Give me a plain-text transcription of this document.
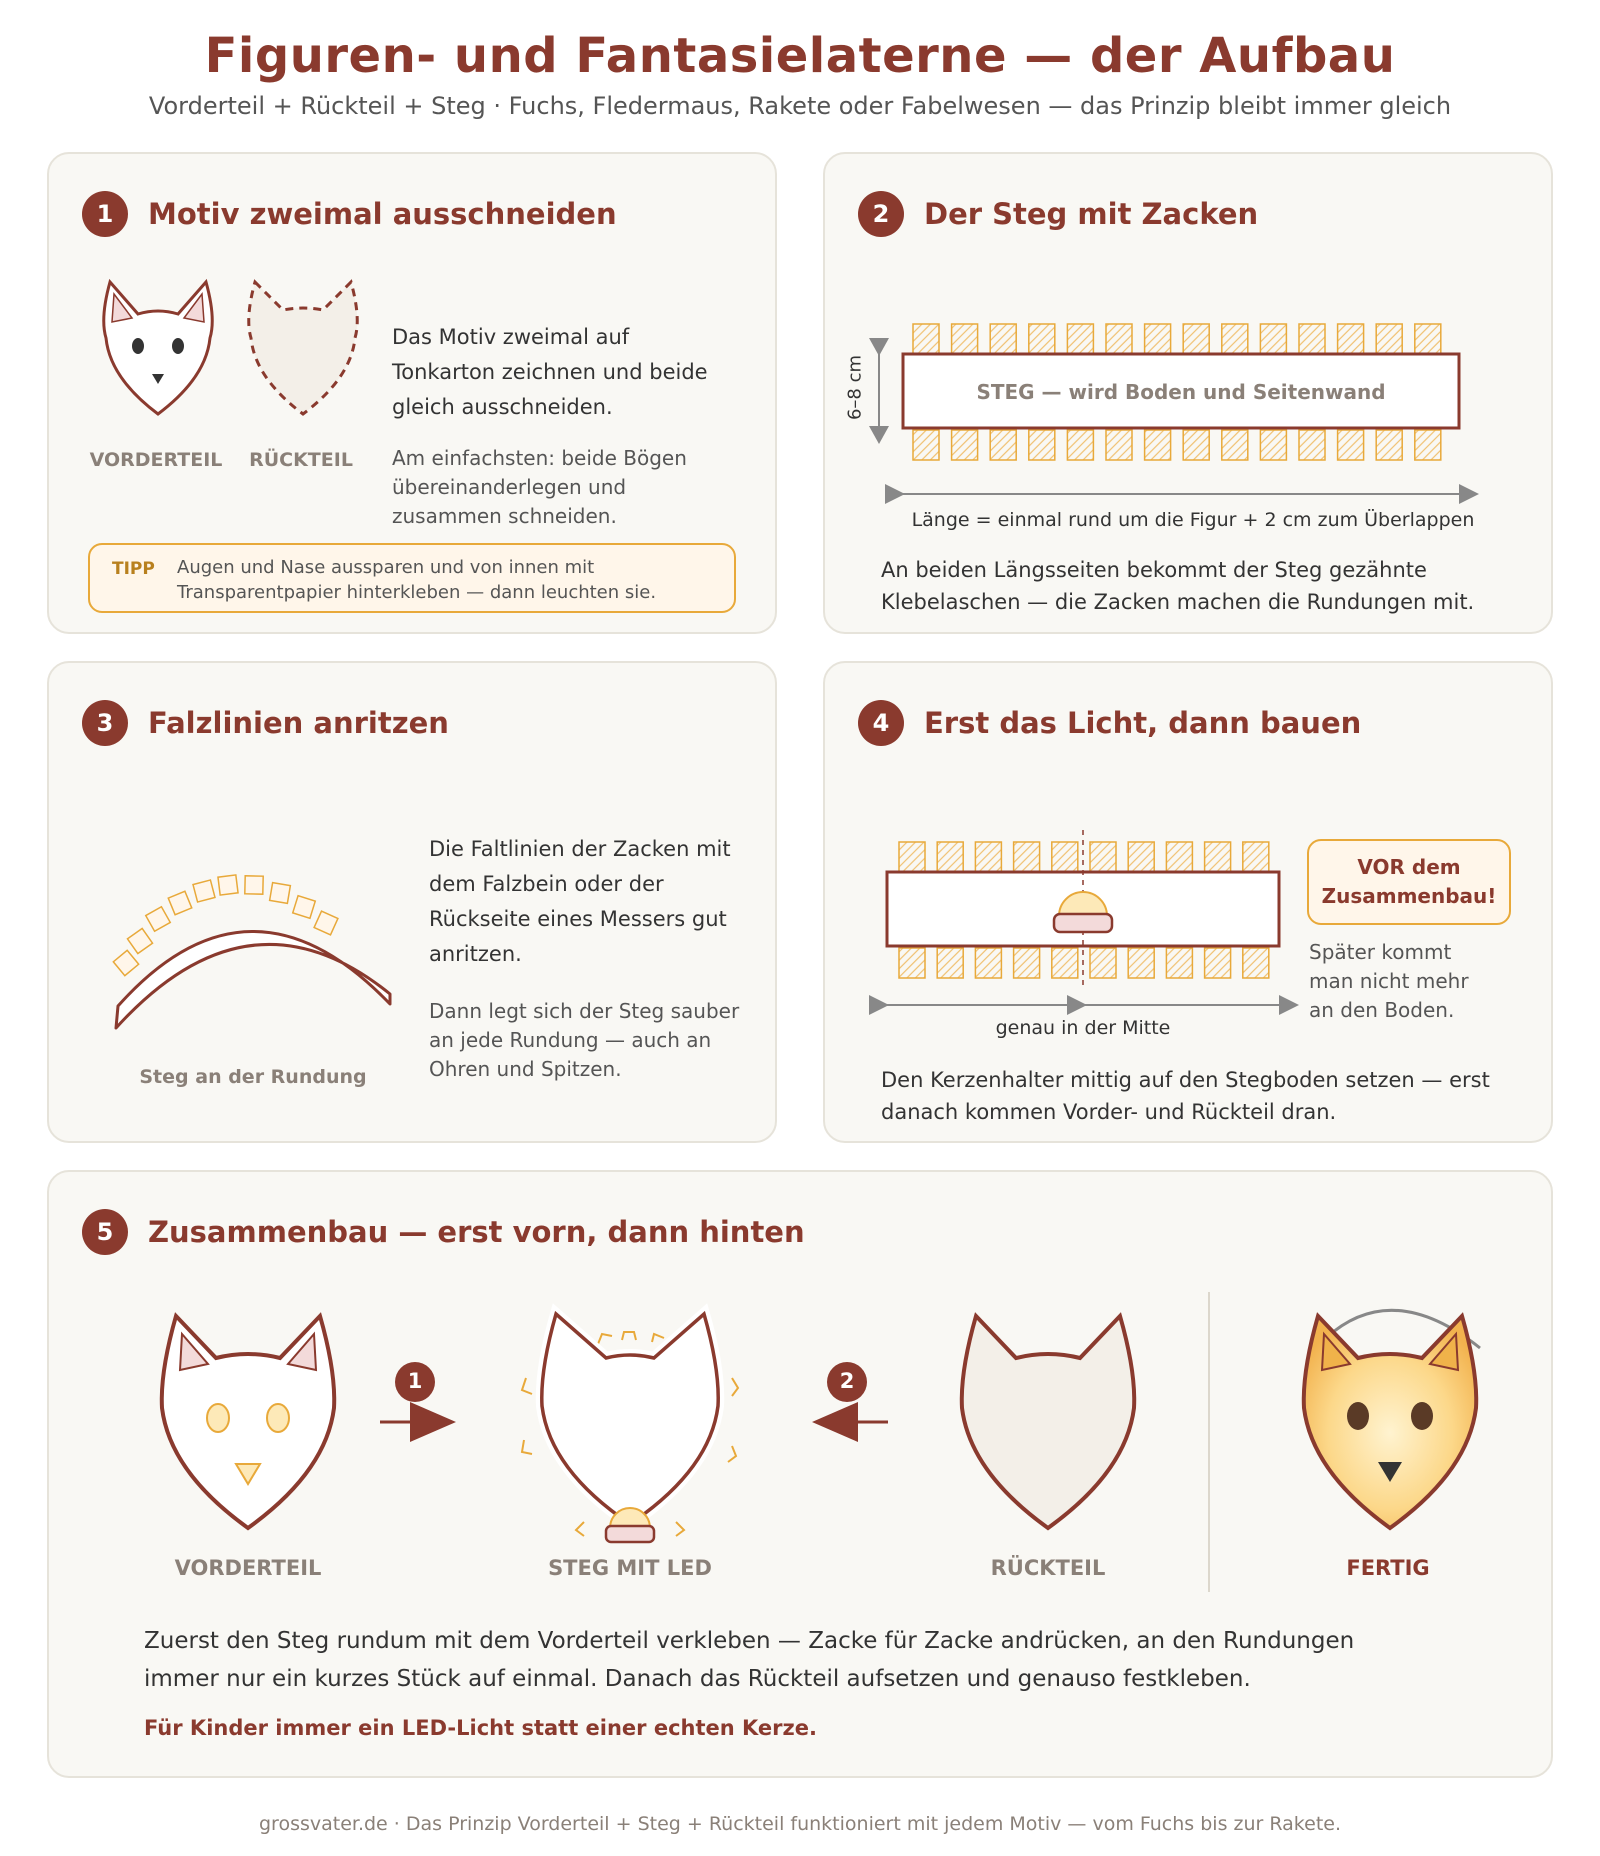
Figuren- und Fantasielaterne — der Aufbau
Vorderteil + Rückteil + Steg · Fuchs, Fledermaus, Rakete oder Fabelwesen — das Prinzip bleibt immer gleich
1	Motiv zweimal ausschneiden
VORDERTEIL	RÜCKTEIL
Das Motiv zweimal auf Tonkarton zeichnen und beide gleich ausschneiden.
Am einfachsten: beide Bögen übereinanderlegen und zusammen schneiden.
TIPP Augen und Nase aussparen und von innen mit Transparentpapier hinterkleben — dann leuchten sie.
2	Der Steg mit Zacken
STEG — wird Boden und Seitenwand
6–8 cm
Länge = einmal rund um die Figur + 2 cm zum Überlappen
An beiden Längsseiten bekommt der Steg gezähnte Klebelaschen — die Zacken machen die Rundungen mit.
3	Falzlinien anritzen
Steg an der Rundung
Die Faltlinien der Zacken mit dem Falzbein oder der Rückseite eines Messers gut anritzen.
Dann legt sich der Steg sauber an jede Rundung — auch an Ohren und Spitzen.
4	Erst das Licht, dann bauen
genau in der Mitte
VOR dem Zusammenbau!
Später kommt man nicht mehr an den Boden.
Den Kerzenhalter mittig auf den Stegboden setzen — erst danach kommen Vorder- und Rückteil dran.
5	Zusammenbau — erst vorn, dann hinten
1	2
VORDERTEIL	STEG MIT LED	RÜCKTEIL	FERTIG
Zuerst den Steg rundum mit dem Vorderteil verkleben — Zacke für Zacke andrücken, an den Rundungen immer nur ein kurzes Stück auf einmal. Danach das Rückteil aufsetzen und genauso festkleben.
Für Kinder immer ein LED-Licht statt einer echten Kerze.
grossvater.de · Das Prinzip Vorderteil + Steg + Rückteil funktioniert mit jedem Motiv — vom Fuchs bis zur Rakete.
